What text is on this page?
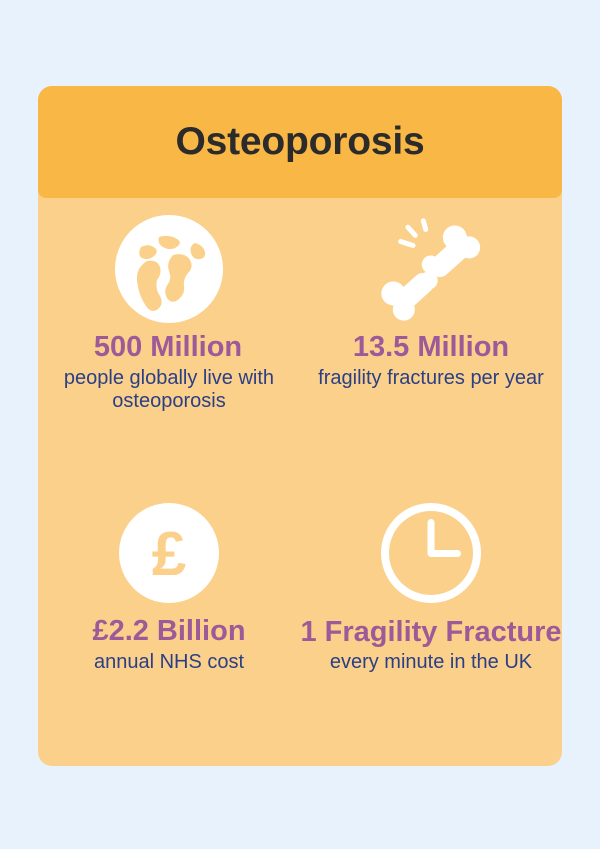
Osteoporosis
500 Million
people globally live with osteoporosis
13.5 Million
fragility fractures per year
£
£2.2 Billion
annual NHS cost
1 Fragility Fracture
every minute in the UK
